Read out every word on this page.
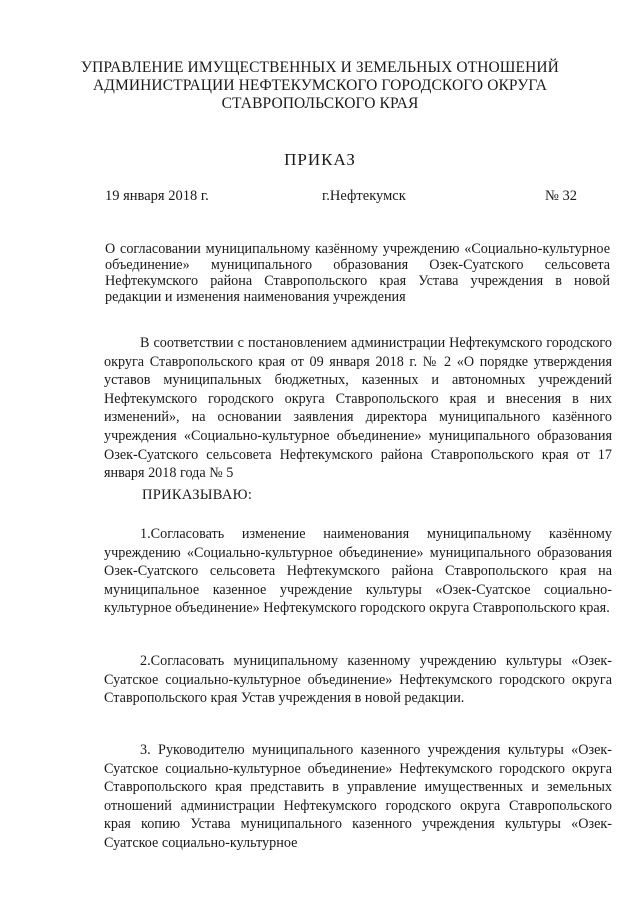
УПРАВЛЕНИЕ ИМУЩЕСТВЕННЫХ И ЗЕМЕЛЬНЫХ ОТНОШЕНИЙ
АДМИНИСТРАЦИИ НЕФТЕКУМСКОГО ГОРОДСКОГО ОКРУГА
СТАВРОПОЛЬСКОГО КРАЯ
ПРИКАЗ
19 января 2018 г.	г.Нефтекумск	№ 32
О согласовании муниципальному казённому учреждению «Социально-культурное объединение» муниципального образования Озек-Суатского сельсовета Нефтекумского района Ставропольского края Устава учреждения в новой редакции и изменения наименования учреждения
В соответствии с постановлением администрации Нефтекумского городского округа Ставропольского края от 09 января 2018 г. № 2 «О порядке утверждения уставов муниципальных бюджетных, казенных и автономных учреждений Нефтекумского городского округа Ставропольского края и внесения в них изменений», на основании заявления директора муниципального казённого учреждения «Социально-культурное объединение» муниципального образования Озек-Суатского сельсовета Нефтекумского района Ставропольского края от 17 января 2018 года № 5
ПРИКАЗЫВАЮ:
1.Согласовать изменение наименования муниципальному казённому учреждению «Социально-культурное объединение» муниципального образования Озек-Суатского сельсовета Нефтекумского района Ставропольского края на муниципальное казенное учреждение культуры «Озек-Суатское социально-культурное объединение» Нефтекумского городского округа Ставропольского края.
2.Согласовать муниципальному казенному учреждению культуры «Озек-Суатское социально-культурное объединение» Нефтекумского городского округа Ставропольского края Устав учреждения в новой редакции.
3. Руководителю муниципального казенного учреждения культуры «Озек-Суатское социально-культурное объединение» Нефтекумского городского округа Ставропольского края представить в управление имущественных и земельных отношений администрации Нефтекумского городского округа Ставропольского края копию Устава муниципального казенного учреждения культуры «Озек-Суатское социально-культурное
